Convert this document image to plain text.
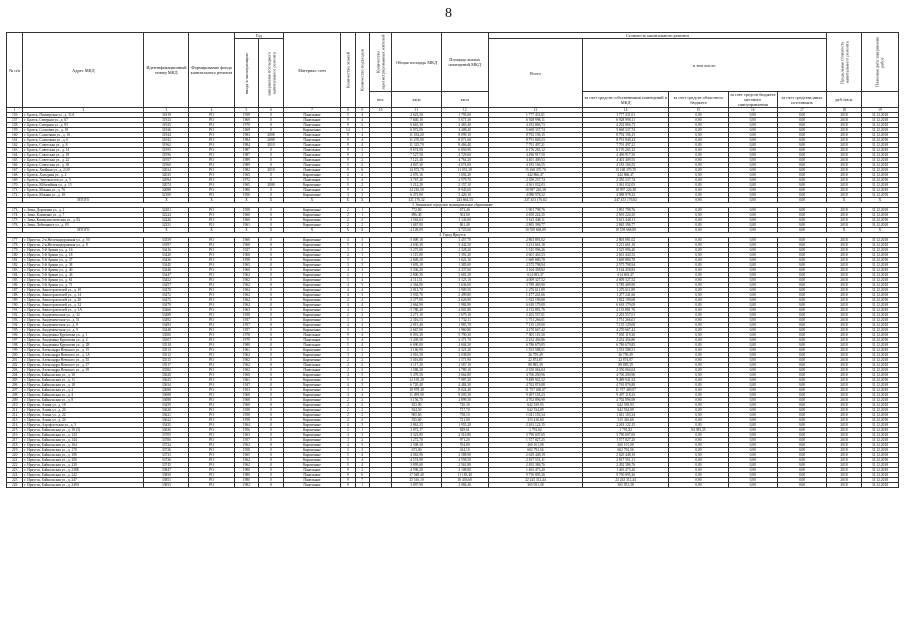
8
№ п/п	Адрес МКД	Идентификационный номер МКД	Формирование фонда капитального ремонта	Год		Материал стен	Количество этажей	Количество подъездов	Количество зарегистрированных жителей	Общая площадь МКД	Площадь жилых помещений МКД	Стоимость капитального ремонта					Предельная стоимость капитального ремонта	Плановая дата завершения работ
				ввода в эксплуатацию	завершения последнего капитального ремонта							Всего	в том числе:					
									чел.	кв.м	кв.м		за счет средств собственников помещений в МКД	за счет средств областного бюджета	за счет средств бюджета местного самоуправления	за счет средства иных источников	руб./кв.м	
1	2	3	4	5	6	7	8	9	10	11	12	13	14	15	16	17	18	19
156	г. Братск, Пионерская ул., д. 31А	31819	РО	1958	0	Панельные	5	4		2 623,30	1 795,60	1 777 431,01	1 777 431,01	0,00	0,00	0,00	2018	31.12.2018
157	г. Братск, Северная ул., д. 67	31923	РО	1969	0	Панельные	9	4		7 840,10	5 671,30	6 928 998,11	6 928 998,11	0,00	0,00	0,00	2018	31.12.2018
158	г. Братск, Северная ул., д. 83	31925	РО	1970	0	Панельные	9	2		6 663,30	4 465,40	4 292 866,73	4 292 866,73	0,00	0,00	0,00	2018	31.12.2018
159	г. Братск, Сосновая ул., д. 18	31926	РО	1969	0	Кирпичные	14	1		6 972,00	4 408,40	5 668 337,74	5 668 337,74	0,00	0,00	0,00	2018	31.12.2018
160	г. Братск, Солнечная ул., д. 10	31944	РО	1983	2008	Панельные	9	4		11 182,20	8 099,10	8 792 196,15	8 792 196,15	0,00	0,00	0,00	2018	31.12.2018
161	г. Братск, Солнечная ул., д. 6	31941	РО	1984	2008	Панельные	9	4		11 270,00	8 071,60	8 791 849,23	8 791 849,23	0,00	0,00	0,00	2018	31.12.2018
162	г. Братск, Советская ул., д. 8	31962	РО	1984	2010	Панельные	9	4		11 315,70	8 466,40	7 791 497,21	7 791 497,21	0,00	0,00	0,00	2018	31.12.2018
163	г. Братск, Советская ул., д. 14	31955	РО	1987	0	Панельные	9	3		9 674,90	6 850,90	6 176 265,12	6 176 265,12	0,00	0,00	0,00	2018	31.12.2018
164	г. Братск, Советская ул., д. 18	31956	РО	1987	0	Панельные	9	2		7 527,50	4 729,60	4 496 917,50	4 496 917,50	0,00	0,00	0,00	2018	31.12.2018
165	г. Братск, Советская ул., д. 22	31957	РО	1989	0	Панельные	9	2		7 121,40	4 761,20	4 401 409,53	4 401 409,53	0,00	0,00	0,00	2018	31.12.2018
166	г. Братск, Советская ул., д. 30	31960	РО	1989	0	Панельные	5	2		4 847,30	4 074,60	4 183 166,55	4 183 166,55	0,00	0,00	0,00	2018	31.12.2018
167	г. Братск, Хвойная ул., д. 2/20	32024	РО	1982	2010	Панельные	9	6		14 972,70	11 051,20	15 168 370,70	15 168 370,70	0,00	0,00	0,00	2018	31.12.2018
168	г. Братск, Холодная ул., д. 2	32025	РО	1965	0	Кирпичные	2	2		2 076,16	1 692,20	442 866,47	442 866,47	0,00	0,00	0,00	2018	31.12.2018
169	г. Братск, Энтузиастов ул., д. 5	32094	РО	1972	0	Панельные	5	4		3 767,20	2 579,70	2 350 237,74	2 350 237,74	0,00	0,00	0,00	2018	31.12.2018
170	г. Братск, Юбилейная ул., д. 13	32074	РО	1965	2008	Кирпичные	5	2		3 212,20	2 157,10	4 361 032,03	1 361 032,03	0,00	0,00	0,00	2018	31.12.2018
171	г. Братск, Южная ул., д. 76	32088	РО	1980	0	Панельные	9	3		14 216,50	8 945,60	10 997 226,38	10 997 226,38	0,00	0,00	0,00	2018	31.12.2018
172	г. Братск, Южная ул., д. 18	32100	РО	1956	0	Кирпичные	3	2		6 472,80	3 426,10	4 088 978,32	4 088 978,32	0,00	0,00	0,00	2018	31.12.2018
	ИТОГО	X	X	X	X	X	X	X		321 176,32	243 664,33	247 453 176,82	247 453 176,82	0,00	0,00	0,00	X	X
3. Зиминское городское муниципальное образование																		
173	г. Зима, Дорожная ул., д. 1	32201	РО	1958	0	Кирпичные	2	1		772,80	673,40	1 901 798,76	1 901 798,76	0,00	0,00	0,00	2018	31.12.2018
174	г. Зима, Клименко ул., д. 7	32224	РО	1960	0	Кирпичные	2	1		896,40	502,60	2 659 224,35	2 659 224,35	0,00	0,00	0,00	2018	31.12.2018
175	г. Зима, Коммунистическая ул., д. 82	32220	РО	1960	0	Кирпичные	2	2		1 563,63	1 143,00	3 613 448,11	3 613 448,11	0,00	0,00	0,00	2018	31.12.2018
176	г. Зима, Лейтенанта ул., д. 83	32251	РО	1961	0	Кирпичные	2	2		1 067,00	861,40	2 865 396,77	2 865 396,77	0,00	0,00	0,00	2018	31.12.2018
	ИТОГО	X	X	X	X	X	X	X		4 128,09	3 723,60	10 559 668,89	10 559 668,89	0,00	0,00	0,00	X	X
4. Город Иркутск																		
177	г. Иркутск, 2-я Железнодорожная ул., д. 50	33359	РО	1960	0	Кирпичные	4	3		5 009,10	3 457,70	2 803 891,02	2 803 891,02	0,00	0,00	0,00	2018	31.12.2018
178	г. Иркутск, 2-я Железнодорожная ул., д. 8	33397	РО	1968	0	Кирпичные	5	4		4 630,30	3 442,50	3 213 661,18	3 213 661,18	0,00	0,00	0,00	2018	31.12.2018
179	г. Иркутск, 5-й Армии ул., д. 16	33416	РО	1927	0	Кирпичные	3	3		3 275,00	2 328,20	1 525 996,26	1 525 996,26	0,00	0,00	0,00	2018	31.12.2018
180	г. Иркутск, 5-й Армии ул., д. 18	33420	РО	1960	0	Кирпичные	2	1		1 115,00	1 391,20	2 601 443,53	2 601 443,53	0,00	0,00	0,00	2018	31.12.2018
181	г. Иркутск, 5-й Армии ул., д. 37	33436	РО	1958	0	Кирпичные	3	3		2 849,20	1 622,10	1 669 880,78	1 669 880,78	0,00	0,00	0,00	2018	31.12.2018
182	г. Иркутск, 5-й Армии ул., д. 38	33445	РО	1963	0	Кирпичные	3	3		1 693,10	1 385,00	2 575 798,94	2 575 798,94	0,00	0,00	0,00	2018	31.12.2018
183	г. Иркутск, 5-й Армии ул., д. 40	33446	РО	1960	0	Кирпичные	4	3		3 336,20	2 337,60	3 164 458,82	3 164 458,82	0,00	0,00	0,00	2018	31.12.2018
184	г. Иркутск, 5-й Армии ул., д. 46	33447	РО	1962	0	Кирпичные	2	1		2 800,30	2 681,20	614 693,47	614 693,47	0,00	0,00	0,00	2018	31.12.2018
185	г. Иркутск, 5-й Армии ул., д. 61	33452	РО	1962	0	Кирпичные	5	4		4 111,51	3 123,10	4 009 327,52	4 009 327,52	0,00	0,00	0,00	2018	31.12.2018
186	г. Иркутск, 5-й Армии ул., д. 71	33457	РО	1962	0	Кирпичные	4	3		2 364,00	1 636,00	3 789 469,90	3 789 469,90	0,00	0,00	0,00	2018	31.12.2018
187	г. Иркутск, Авиастроителей ул., д. 10	33470	РО	1964	0	Кирпичные	4	4		2 813,70	1 909,50	1 276 611,89	1 276 611,89	0,00	0,00	0,00	2018	31.12.2018
188	г. Иркутск, Авиастроителей ул., д. 14	33472	РО	1962	0	Кирпичные	4	3		3 935,70	2 499,80	1 477 241,66	1 477 241,66	0,00	0,00	0,00	2018	31.12.2018
189	г. Иркутск, Авиастроителей ул., д. 20	33475	РО	1962	0	Кирпичные	2	2		3 377,00	2 626,90	1 922 199,68	1 922 199,68	0,00	0,00	0,00	2018	31.12.2018
190	г. Иркутск, Авиастроителей ул., д. 32	33479	РО	1962	0	Кирпичные	4	4		2 664,90	1 984,90	6 618 179,09	6 618 179,09	0,00	0,00	0,00	2018	31.12.2018
191	г. Иркутск, Авиастроителей ул., д. 3А	33466	РО	1963	0	Кирпичные	4	3		5 780,40	4 001,80	4 133 881,76	4 133 881,76	0,00	0,00	0,00	2018	31.12.2018
192	г. Иркутск, Академическая ул., д. 32	33488	РО	1958	0	Кирпичные	2	2		2 271,10	1 679,10	2 203 557,01	2 203 557,01	0,00	0,00	0,00	2018	31.12.2018
193	г. Иркутск, Академическая ул., д. 51	33492	РО	1957	0	Кирпичные	3	3		2 316,53	1 732,11	1 751 266,01	1 751 266,01	0,00	0,00	0,00	2018	31.12.2018
194	г. Иркутск, Академическая ул., д. 8	33493	РО	1957	0	Кирпичные	4	4		2 815,40	1 983,70	7 135 129,00	7 135 129,00	0,00	0,00	0,00	2018	31.12.2018
195	г. Иркутск, Академическая ул., д. 9	33448	РО	1957	0	Кирпичные	3	3		2 667,00	1 960,80	4 270 667,42	4 270 667,42	0,00	0,00	0,00	2018	31.12.2018
196	г. Иркутск, Академика Курчатова ул., д. 1	33506	РО	1978	0	Панельные	9	4		8 091,30	5 790,30	7 003 119,30	7 003 119,30	0,00	0,00	0,00	2018	31.12.2018
197	г. Иркутск, Академика Курчатова ул., д. 2	33507	РО	1979	0	Панельные	5	4		3 439,50	2 371,70	2 252 456,86	2 252 456,86	0,00	0,00	0,00	2018	31.12.2018
198	г. Иркутск, Академика Курчатова ул., д. 28	33510	РО	1980	0	Панельные	5	4		6 690,00	4 604,30	6 786 679,85	6 786 679,85	0,00	0,00	0,00	2018	31.12.2018
199	г. Иркутск, Александра Невского ул., д. 15	33513	РО	1961	0	Кирпичные	2	3		3 160,90	2 321,20	1 553 588,51	1 553 588,51	0,00	0,00	0,00	2018	31.12.2018
200	г. Иркутск, Александра Невского ул., д. 1А	33512	РО	1962	0	Кирпичные	3	2		2 016,30	2 038,00	26 759,49	26 759,49	0,00	0,00	0,00	2018	31.12.2018
201	г. Иркутск, Александра Невского ул., д. 35	33515	РО	1962	0	Кирпичные	2	2		3 016,80	1 571,90	22 874,87	22 874,87	0,00	0,00	0,00	2018	31.12.2018
202	г. Иркутск, Александра Невского ул., д. 37	33517	РО	1962	0	Панельные	2	2		3 117,20	2 567,10	88 885,39	88 885,39	0,00	0,00	0,00	2018	31.12.2018
203	г. Иркутск, Александра Невского ул., д. 39	33582	РО	1962	0	Панельные	2	3		1 586,20	1 780,10	2 350 064,04	2 350 064,04	0,00	0,00	0,00	2018	31.12.2018
204	г. Иркутск, Байкальская ул., д. 10	33620	РО	1960	0	Кирпичные	4	3		5 478,50	3 664,80	4 706 200,96	4 706 200,96	0,00	0,00	0,00	2018	31.12.2018
205	г. Иркутск, Байкальская ул., д. 11	33625	РО	1961	0	Кирпичные	5	4		12 195,20	7 987,20	9 489 941,52	9 489 941,52	0,00	0,00	0,00	2018	31.12.2018
206	г. Иркутск, Байкальская ул., д. 18	33634	РО	1947	0	Кирпичные	4	3		6 720,40	4 484,30	4 763 876,88	4 763 876,88	0,00	0,00	0,00	2018	31.12.2018
207	г. Иркутск, Байкальская ул., д. 2	33698	РО	1953	0	Кирпичные	3	3		10 978,40	8 024,40	11 757 469,07	11 757 469,07	0,00	0,00	0,00	2018	31.12.2018
208	г. Иркутск, Байкальская ул., д. 4	33698	РО	1960	0	Кирпичные	4	4		11 499,90	8 005,30	9 497 118,23	9 497 118,23	0,00	0,00	0,00	2018	31.12.2018
209	г. Иркутск, Байкальская ул., д. 8	33698	РО	1968	0	Кирпичные	2	2		3 156,70	2 899,30	4 702 896,90	4 702 896,90	0,00	0,00	0,00	2018	31.12.2018
210	г. Иркутск, Азина ул., д. 18	33459	РО	1960	0	Кирпичные	2	2		823,00	720,30	642 539,93	642 539,93	0,00	0,00	0,00	2018	31.12.2018
211	г. Иркутск, Азина ул., д. 20	33620	РО	1958	0	Кирпичные	2	2		924,50	717,70	642 534,09	642 534,09	0,00	0,00	0,00	2018	31.12.2018
212	г. Иркутск, Азина ул., д. 22	33621	РО	1958	0	Кирпичные	2	2		965,60	758,10	1 041 103,34	1 041 103,34	0,00	0,00	0,00	2018	31.12.2018
213	г. Иркутск, Азина ул., д. 24	33622	РО	1958	0	Кирпичные	2	2		925,60	721,00	315 416,60	315 416,60	0,00	0,00	0,00	2018	31.12.2018
214	г. Иркутск, Аэрофлотская ул., д. 5	33435	РО	1964	0	Кирпичные	4	3		2 861,23	1 955,20	2 263 122,15	2 263 122,15	0,00	0,00	0,00	2018	31.12.2018
215	г. Иркутск, Байкальская ул., д. 18 (3)	33636	РО	1956	0	Кирпичные	2	1		1 072,17	829,61	1 791,82	1 791,82	94 383,25	0,00	0,00	2018	31.12.2018
216	г. Иркутск, Байкальская ул., д. 143	33705	РО	1963	0	Кирпичные	4	3		3 323,80	2 316,80	3 790 607,65	3 790 607,65	0,00	0,00	0,00	2018	31.12.2018
217	г. Иркутск, Байкальская ул., д. 144	33706	РО	1957	0	Кирпичные	3	2		1 272,70	971,20	1 577 827,25	1 577 827,25	0,00	0,00	0,00	2018	31.12.2018
218	г. Иркутск, Байкальская ул., д. 164	33724	РО	1962	0	Кирпичные	4	3		2 308,30	554,80	260 101,08	260 101,08	0,00	0,00	0,00	2018	31.12.2018
219	г. Иркутск, Байкальская ул., д. 170	33726	РО	1958	0	Кирпичные	3	2		673,00	434,10	602 792,56	602 792,56	0,00	0,00	0,00	2018	31.12.2018
220	г. Иркутск, Байкальская ул., д. 180	33733	РО	1965	0	Кирпичные	5	4		4 063,90	2 588,90	2 629 448,19	2 629 448,19	0,00	0,00	0,00	2018	31.12.2018
221	г. Иркутск, Байкальская ул., д. 200	33736	РО	1962	0	Кирпичные	5	4		4 574,90	2 558,50	2 817 551,11	2 817 551,11	0,00	0,00	0,00	2018	31.12.2018
222	г. Иркутск, Байкальская ул., д. 220	33745	РО	1962	0	Кирпичные	5	4		3 895,60	2 561,80	2 492 386,76	2 492 386,76	0,00	0,00	0,00	2018	31.12.2018
223	г. Иркутск, Байкальская ул., д. 238Б	33847	РО	1980	0	Панельные	9	2		4 590,20	3 108,00	1 463 473,20	1 463 473,20	0,00	0,00	0,00	2018	31.12.2018
224	г. Иркутск, Байкальская ул., д. 242	33850	РО	1980	0	Панельные	9	6		17 048,40	11 183,40	9 750 895,26	9 750 895,26	0,00	0,00	0,00	2018	31.12.2018
225	г. Иркутск, Байкальская ул., д. 247	33851	РО	1980	0	Панельные	9	7		25 516,10	16 436,60	22 243 312,44	22 243 312,44	0,00	0,00	0,00	2018	31.12.2018
226	г. Иркутск, Байкальская ул., д. 249А	33853	РО	1982	0	Панельные	9	1		3 897,90	2 084,40	365 051,38	365 051,38	0,00	0,00	0,00	2018	31.12.2018
